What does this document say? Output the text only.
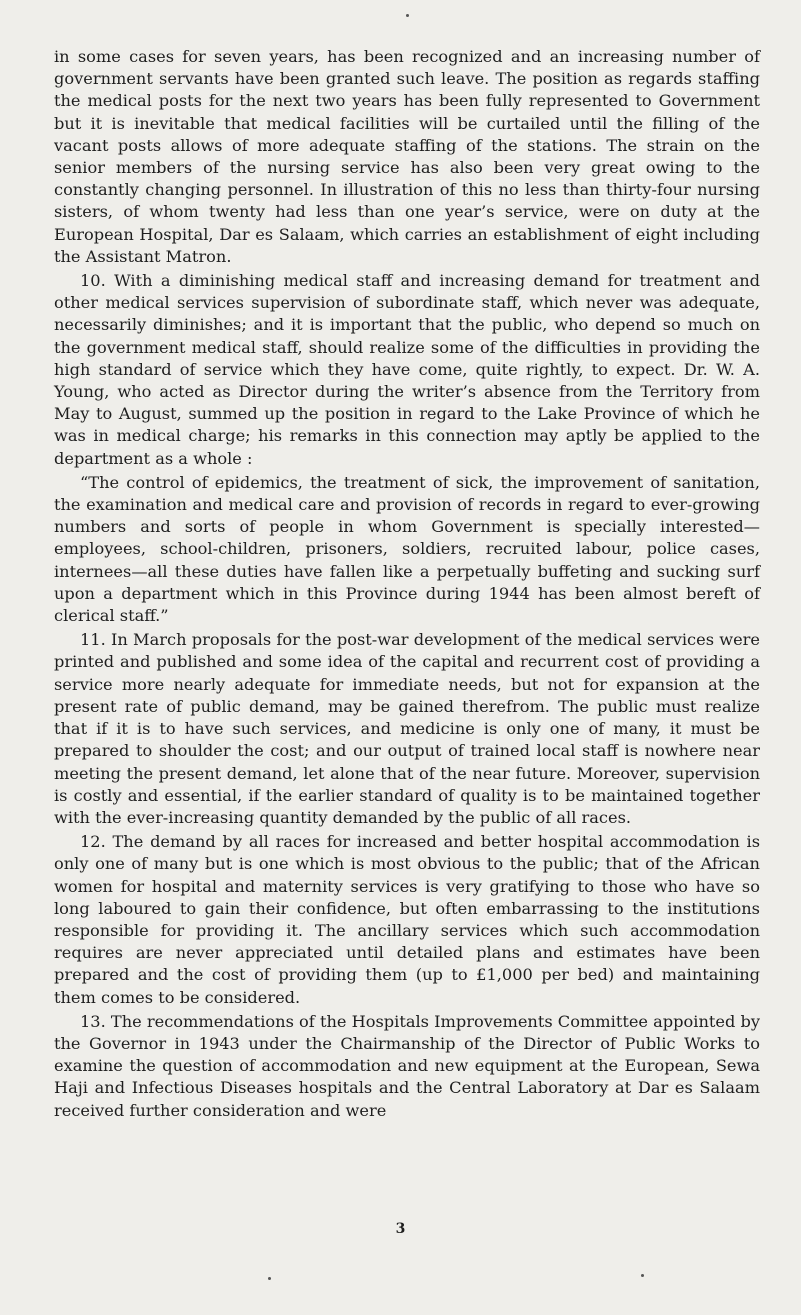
in some cases for seven years, has been recognized and an increasing number of government servants have been granted such leave. The position as regards staffing the medical posts for the next two years has been fully represented to Government but it is inevitable that medical facilities will be curtailed until the filling of the vacant posts allows of more adequate staffing of the stations. The strain on the senior members of the nursing service has also been very great owing to the constantly changing personnel. In illustration of this no less than thirty-four nursing sisters, of whom twenty had less than one year’s service, were on duty at the European Hospital, Dar es Salaam, which carries an establishment of eight including the Assistant Matron.

10. With a diminishing medical staff and increasing demand for treatment and other medical services supervision of subordinate staff, which never was adequate, necessarily diminishes; and it is important that the public, who depend so much on the government medical staff, should realize some of the difficulties in providing the high standard of service which they have come, quite rightly, to expect. Dr. W. A. Young, who acted as Director during the writer’s absence from the Territory from May to August, summed up the position in regard to the Lake Province of which he was in medical charge; his remarks in this connection may aptly be applied to the department as a whole :

“The control of epidemics, the treatment of sick, the improvement of sanitation, the examination and medical care and provision of records in regard to ever-growing numbers and sorts of people in whom Government is specially interested—employees, school-children, prisoners, soldiers, recruited labour, police cases, internees—all these duties have fallen like a perpetually buffeting and sucking surf upon a department which in this Province during 1944 has been almost bereft of clerical staff.”

11. In March proposals for the post-war development of the medical services were printed and published and some idea of the capital and recurrent cost of providing a service more nearly adequate for immediate needs, but not for expansion at the present rate of public demand, may be gained therefrom. The public must realize that if it is to have such services, and medicine is only one of many, it must be prepared to shoulder the cost; and our output of trained local staff is nowhere near meeting the present demand, let alone that of the near future. Moreover, supervision is costly and essential, if the earlier standard of quality is to be maintained together with the ever-increasing quantity demanded by the public of all races.

12. The demand by all races for increased and better hospital accommodation is only one of many but is one which is most obvious to the public; that of the African women for hospital and maternity services is very gratifying to those who have so long laboured to gain their confidence, but often embarrassing to the institutions responsible for providing it. The ancillary services which such accommodation requires are never appreciated until detailed plans and estimates have been prepared and the cost of providing them (up to £1,000 per bed) and maintaining them comes to be considered.

13. The recommendations of the Hospitals Improvements Committee appointed by the Governor in 1943 under the Chairmanship of the Director of Public Works to examine the question of accommodation and new equipment at the European, Sewa Haji and Infectious Diseases hospitals and the Central Laboratory at Dar es Salaam received further consideration and were

3
